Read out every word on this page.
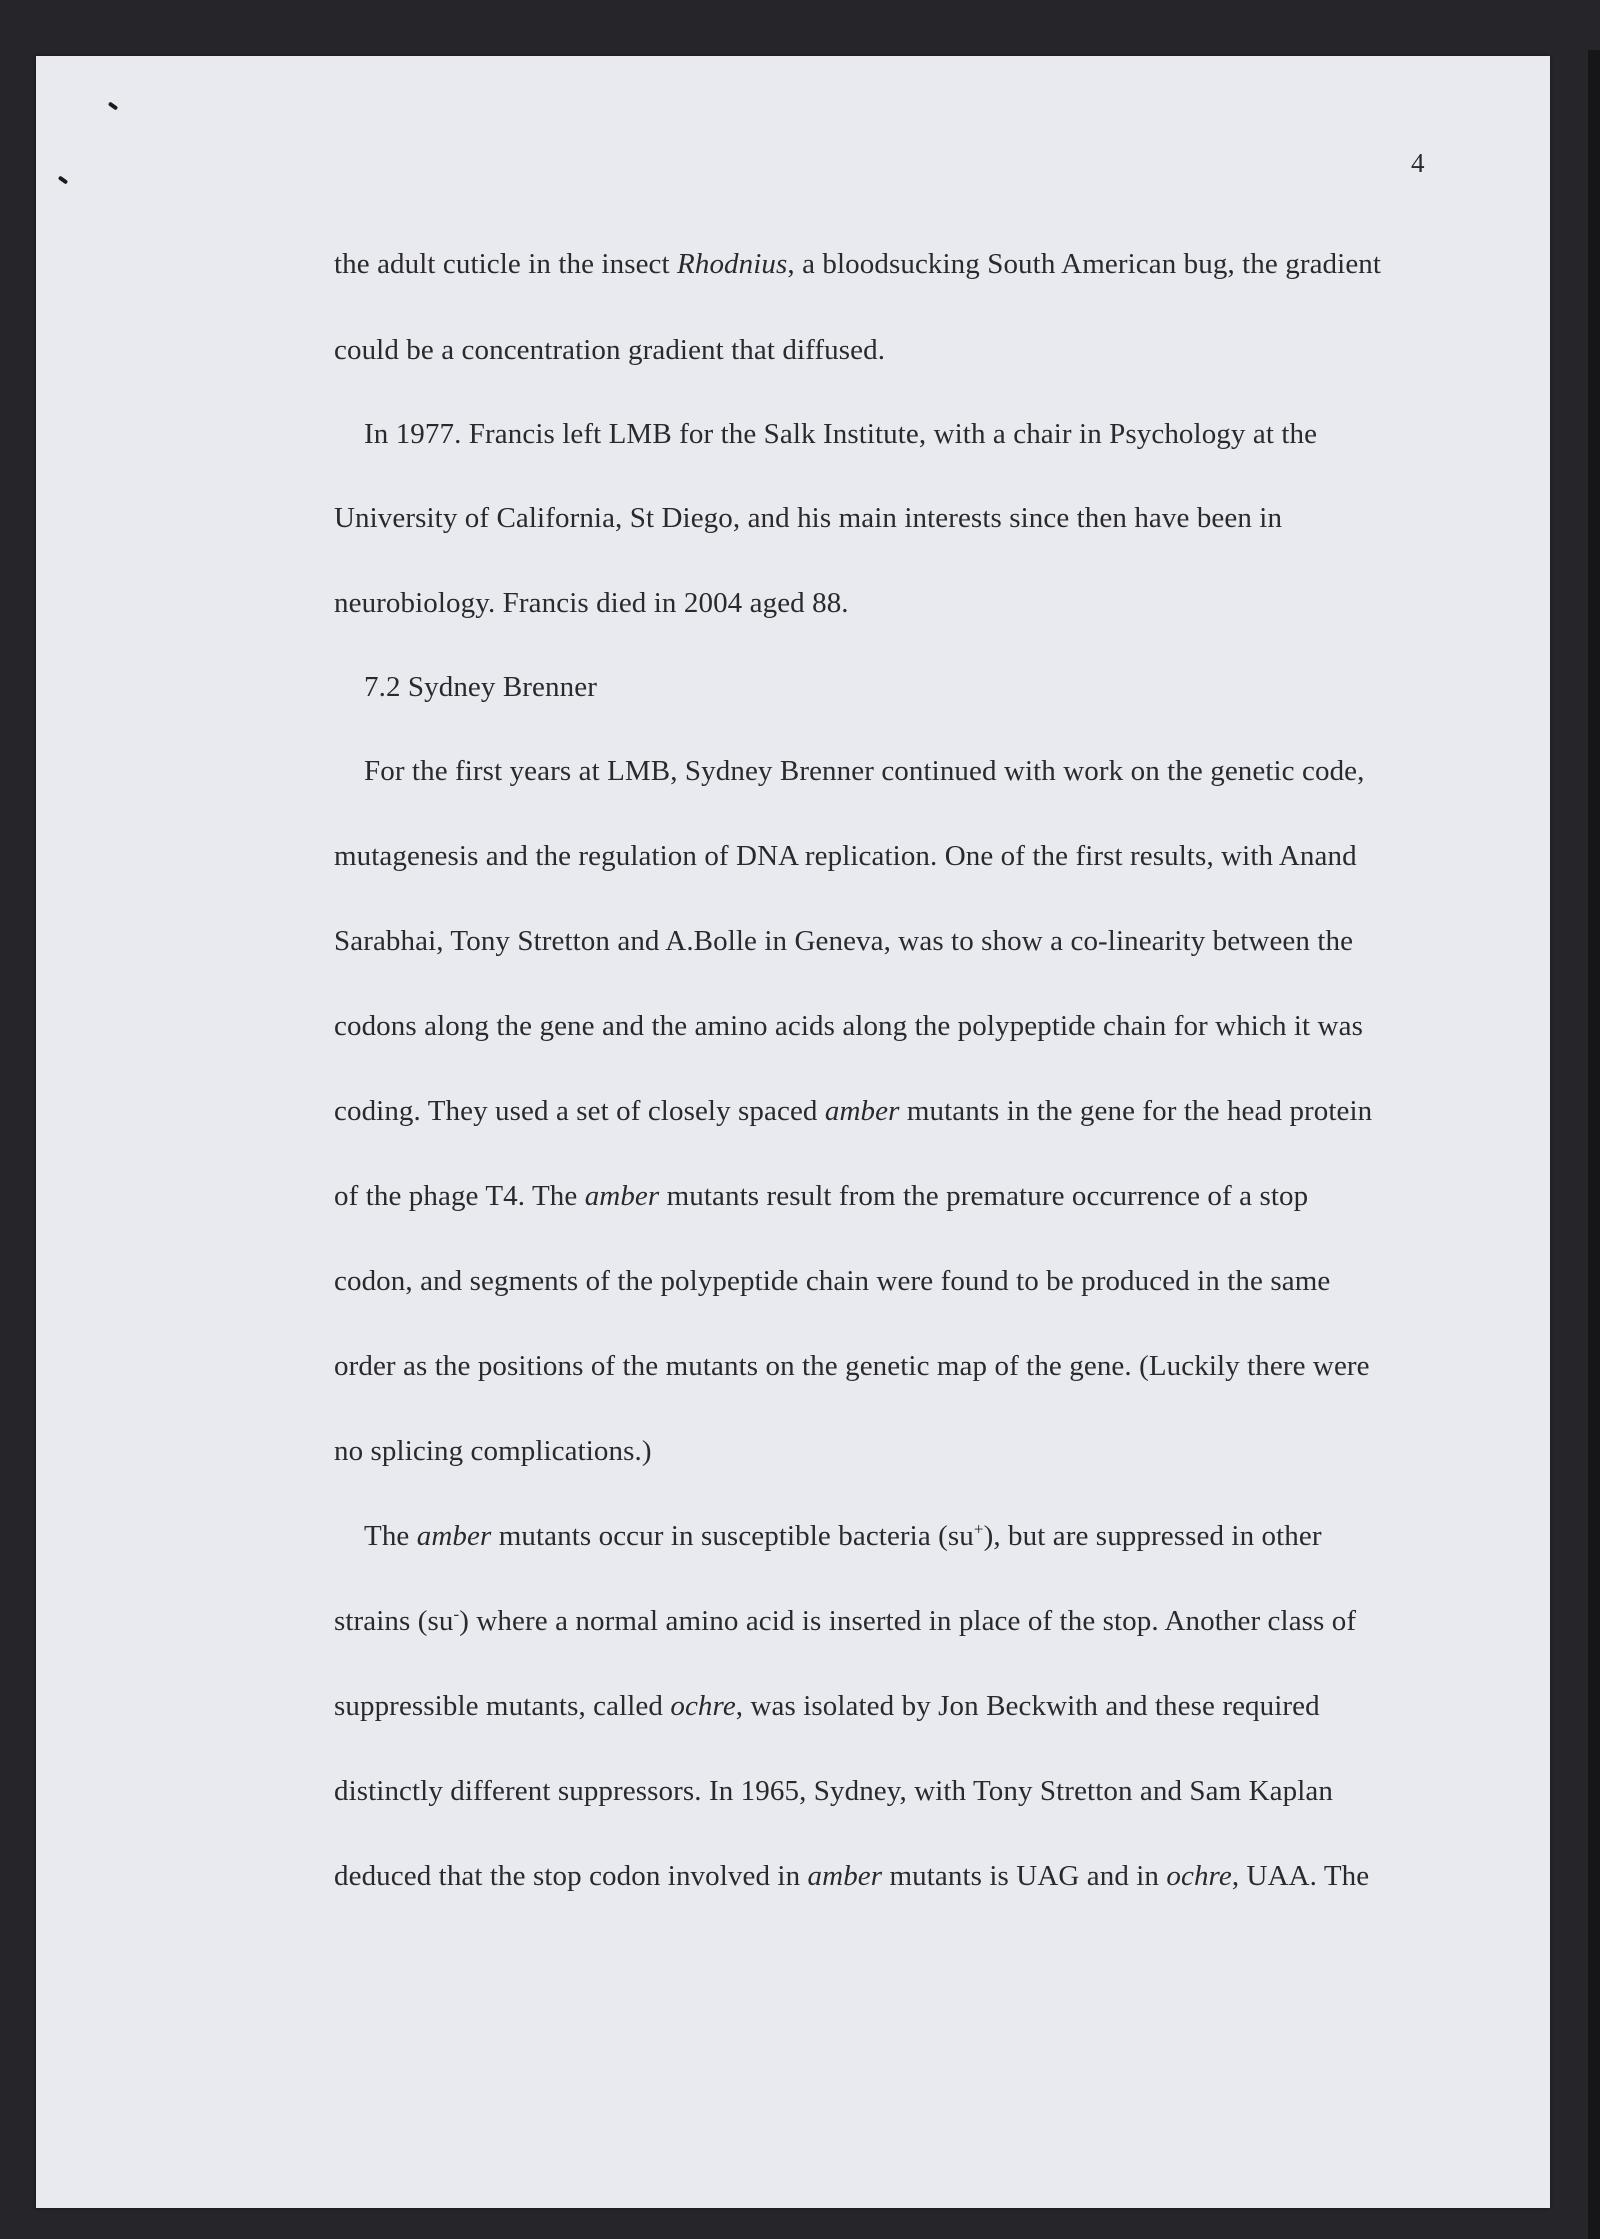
4
the adult cuticle in the insect Rhodnius, a bloodsucking South American bug, the gradient
could be a concentration gradient that diffused.
In 1977. Francis left LMB for the Salk Institute, with a chair in Psychology at the
University of California, St Diego, and his main interests since then have been in
neurobiology. Francis died in 2004 aged 88.
7.2 Sydney Brenner
For the first years at LMB, Sydney Brenner continued with work on the genetic code,
mutagenesis and the regulation of DNA replication. One of the first results, with Anand
Sarabhai, Tony Stretton and A.Bolle in Geneva, was to show a co-linearity between the
codons along the gene and the amino acids along the polypeptide chain for which it was
coding. They used a set of closely spaced amber mutants in the gene for the head protein
of the phage T4. The amber mutants result from the premature occurrence of a stop
codon, and segments of the polypeptide chain were found to be produced in the same
order as the positions of the mutants on the genetic map of the gene. (Luckily there were
no splicing complications.)
The amber mutants occur in susceptible bacteria (su+), but are suppressed in other
strains (su-) where a normal amino acid is inserted in place of the stop. Another class of
suppressible mutants, called ochre, was isolated by Jon Beckwith and these required
distinctly different suppressors. In 1965, Sydney, with Tony Stretton and Sam Kaplan
deduced that the stop codon involved in amber mutants is UAG and in ochre, UAA. The
